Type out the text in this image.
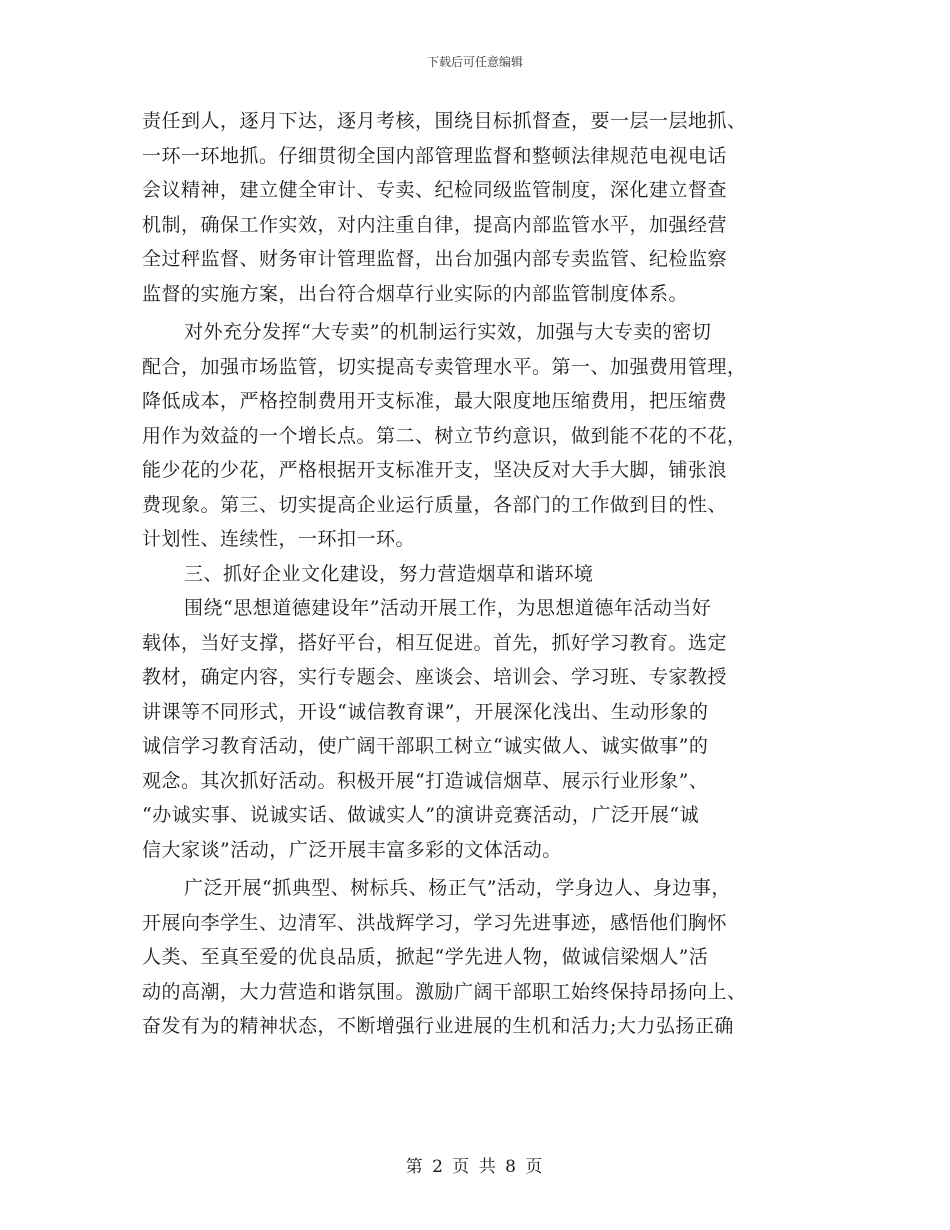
下载后可任意编辑
责任到人，逐月下达，逐月考核，围绕目标抓督查，要一层一层地抓、
一环一环地抓。仔细贯彻全国内部管理监督和整顿法律规范电视电话
会议精神，建立健全审计、专卖、纪检同级监管制度，深化建立督查
机制，确保工作实效，对内注重自律，提高内部监管水平，加强经营
全过秤监督、财务审计管理监督，出台加强内部专卖监管、纪检监察
监督的实施方案，出台符合烟草行业实际的内部监管制度体系。
对外充分发挥“大专卖”的机制运行实效，加强与大专卖的密切
配合，加强市场监管，切实提高专卖管理水平。第一、加强费用管理，
降低成本，严格控制费用开支标准，最大限度地压缩费用，把压缩费
用作为效益的一个增长点。第二、树立节约意识，做到能不花的不花，
能少花的少花，严格根据开支标准开支，坚决反对大手大脚，铺张浪
费现象。第三、切实提高企业运行质量，各部门的工作做到目的性、
计划性、连续性，一环扣一环。
三、抓好企业文化建设，努力营造烟草和谐环境
围绕“思想道德建设年”活动开展工作，为思想道德年活动当好
载体，当好支撑，搭好平台，相互促进。首先，抓好学习教育。选定
教材，确定内容，实行专题会、座谈会、培训会、学习班、专家教授
讲课等不同形式，开设“诚信教育课”，开展深化浅出、生动形象的
诚信学习教育活动，使广阔干部职工树立“诚实做人、诚实做事”的
观念。其次抓好活动。积极开展“打造诚信烟草、展示行业形象”、
“办诚实事、说诚实话、做诚实人”的演讲竞赛活动，广泛开展“诚
信大家谈”活动，广泛开展丰富多彩的文体活动。
广泛开展“抓典型、树标兵、杨正气”活动，学身边人、身边事，
开展向李学生、边清军、洪战辉学习，学习先进事迹，感悟他们胸怀
人类、至真至爱的优良品质，掀起“学先进人物，做诚信梁烟人”活
动的高潮，大力营造和谐氛围。激励广阔干部职工始终保持昂扬向上、
奋发有为的精神状态，不断增强行业进展的生机和活力;大力弘扬正确
第 2 页 共 8 页
